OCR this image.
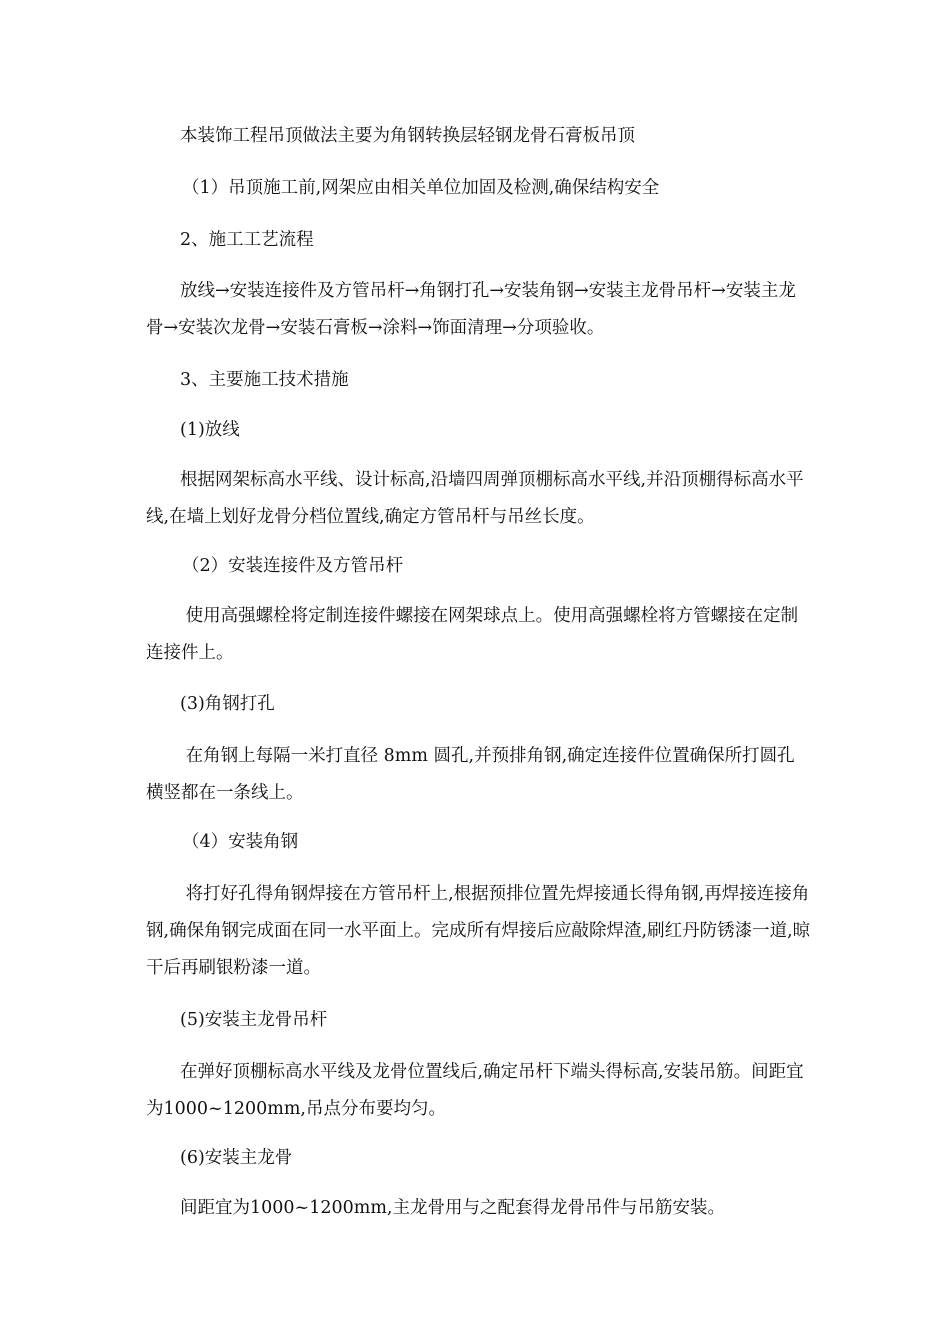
本装饰工程吊顶做法主要为角钢转换层轻钢龙骨石膏板吊顶

（1）吊顶施工前,网架应由相关单位加固及检测,确保结构安全

2、施工工艺流程

放线→安装连接件及方管吊杆→角钢打孔→安装角钢→安装主龙骨吊杆→安装主龙骨→安装次龙骨→安装石膏板→涂料→饰面清理→分项验收。

3、主要施工技术措施

(1)放线

根据网架标高水平线、设计标高,沿墙四周弹顶棚标高水平线,并沿顶棚得标高水平线,在墙上划好龙骨分档位置线,确定方管吊杆与吊丝长度。

（2）安装连接件及方管吊杆

使用高强螺栓将定制连接件螺接在网架球点上。使用高强螺栓将方管螺接在定制连接件上。

(3)角钢打孔

在角钢上每隔一米打直径 8mm 圆孔,并预排角钢,确定连接件位置确保所打圆孔横竖都在一条线上。

（4）安装角钢

将打好孔得角钢焊接在方管吊杆上,根据预排位置先焊接通长得角钢,再焊接连接角钢,确保角钢完成面在同一水平面上。完成所有焊接后应敲除焊渣,刷红丹防锈漆一道,晾干后再刷银粉漆一道。

(5)安装主龙骨吊杆

在弹好顶棚标高水平线及龙骨位置线后,确定吊杆下端头得标高,安装吊筋。间距宜为1000~1200mm,吊点分布要均匀。

(6)安装主龙骨

间距宜为1000~1200mm,主龙骨用与之配套得龙骨吊件与吊筋安装。
